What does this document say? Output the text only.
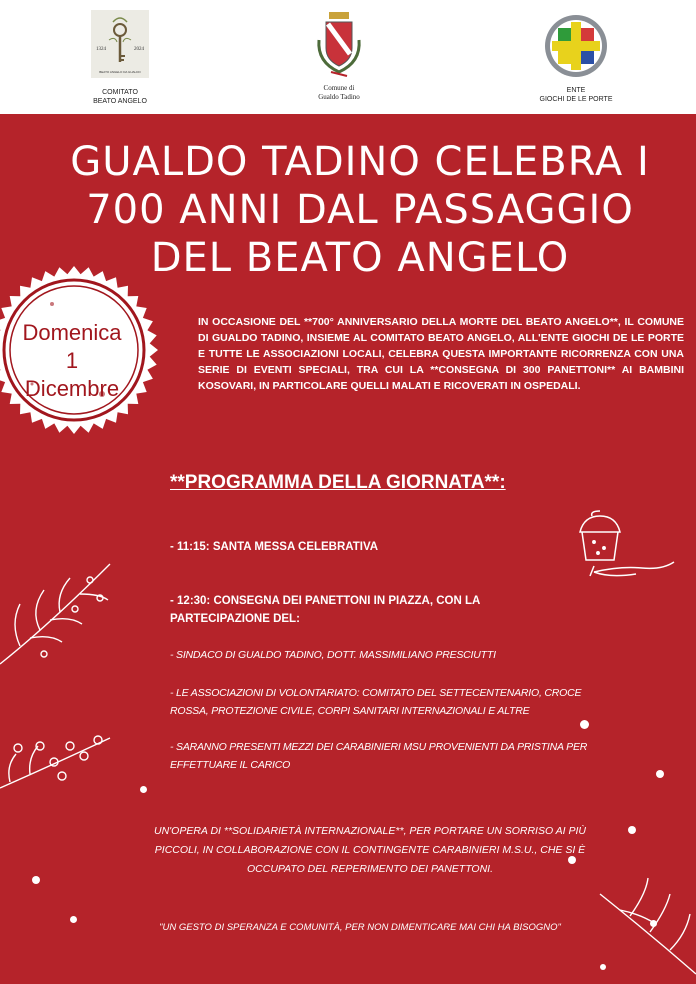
1324	2024
BEATO ANGELO DA GUALDO
COMITATO
BEATO ANGELO
Comune di
Gualdo Tadino
ENTE
GIOCHI DE LE PORTE
GUALDO TADINO CELEBRA I
700 ANNI DAL PASSAGGIO
DEL BEATO ANGELO
Domenica
1
Dicembre
IN OCCASIONE DEL **700° ANNIVERSARIO DELLA MORTE DEL BEATO ANGELO**, IL COMUNE DI GUALDO TADINO, INSIEME AL COMITATO BEATO ANGELO, ALL'ENTE GIOCHI DE LE PORTE E TUTTE LE ASSOCIAZIONI LOCALI, CELEBRA QUESTA IMPORTANTE RICORRENZA CON UNA SERIE DI EVENTI SPECIALI, TRA CUI LA **CONSEGNA DI 300 PANETTONI** AI BAMBINI KOSOVARI, IN PARTICOLARE QUELLI MALATI E RICOVERATI IN OSPEDALI.
**PROGRAMMA DELLA GIORNATA**:
- 11:15: SANTA MESSA CELEBRATIVA
- 12:30: CONSEGNA DEI PANETTONI IN PIAZZA, CON LA
PARTECIPAZIONE DEL:
- SINDACO DI GUALDO TADINO, DOTT. MASSIMILIANO PRESCIUTTI
- LE ASSOCIAZIONI DI VOLONTARIATO: COMITATO DEL SETTECENTENARIO, CROCE
ROSSA, PROTEZIONE CIVILE, CORPI SANITARI INTERNAZIONALI E ALTRE
- SARANNO PRESENTI MEZZI DEI CARABINIERI MSU PROVENIENTI DA PRISTINA PER
EFFETTUARE IL CARICO
UN'OPERA DI **SOLIDARIETÀ INTERNAZIONALE**, PER PORTARE UN SORRISO AI PIÙ
PICCOLI, IN COLLABORAZIONE CON IL CONTINGENTE CARABINIERI M.S.U., CHE SI È
OCCUPATO DEL REPERIMENTO DEI PANETTONI.
"UN GESTO DI SPERANZA E COMUNITÀ, PER NON DIMENTICARE MAI CHI HA BISOGNO"
